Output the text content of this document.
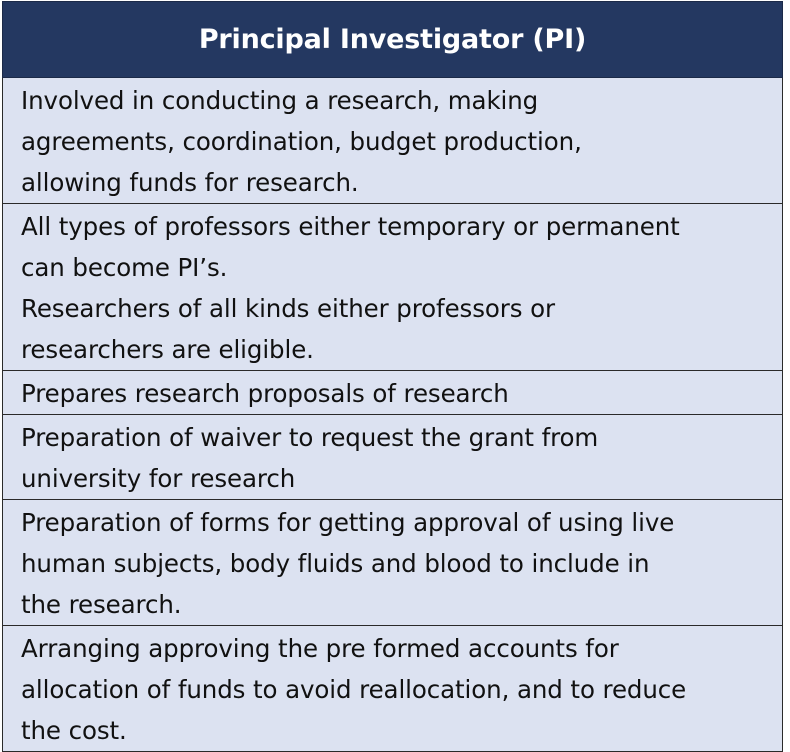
Principal Investigator (PI)

Involved in conducting a research, making
agreements, coordination, budget production,
allowing funds for research.

All types of professors either temporary or permanent
can become PI’s.
Researchers of all kinds either professors or
researchers are eligible.

Prepares research proposals of research

Preparation of waiver to request the grant from
university for research

Preparation of forms for getting approval of using live
human subjects, body fluids and blood to include in
the research.

Arranging approving the pre formed accounts for
allocation of funds to avoid reallocation, and to reduce
the cost.
